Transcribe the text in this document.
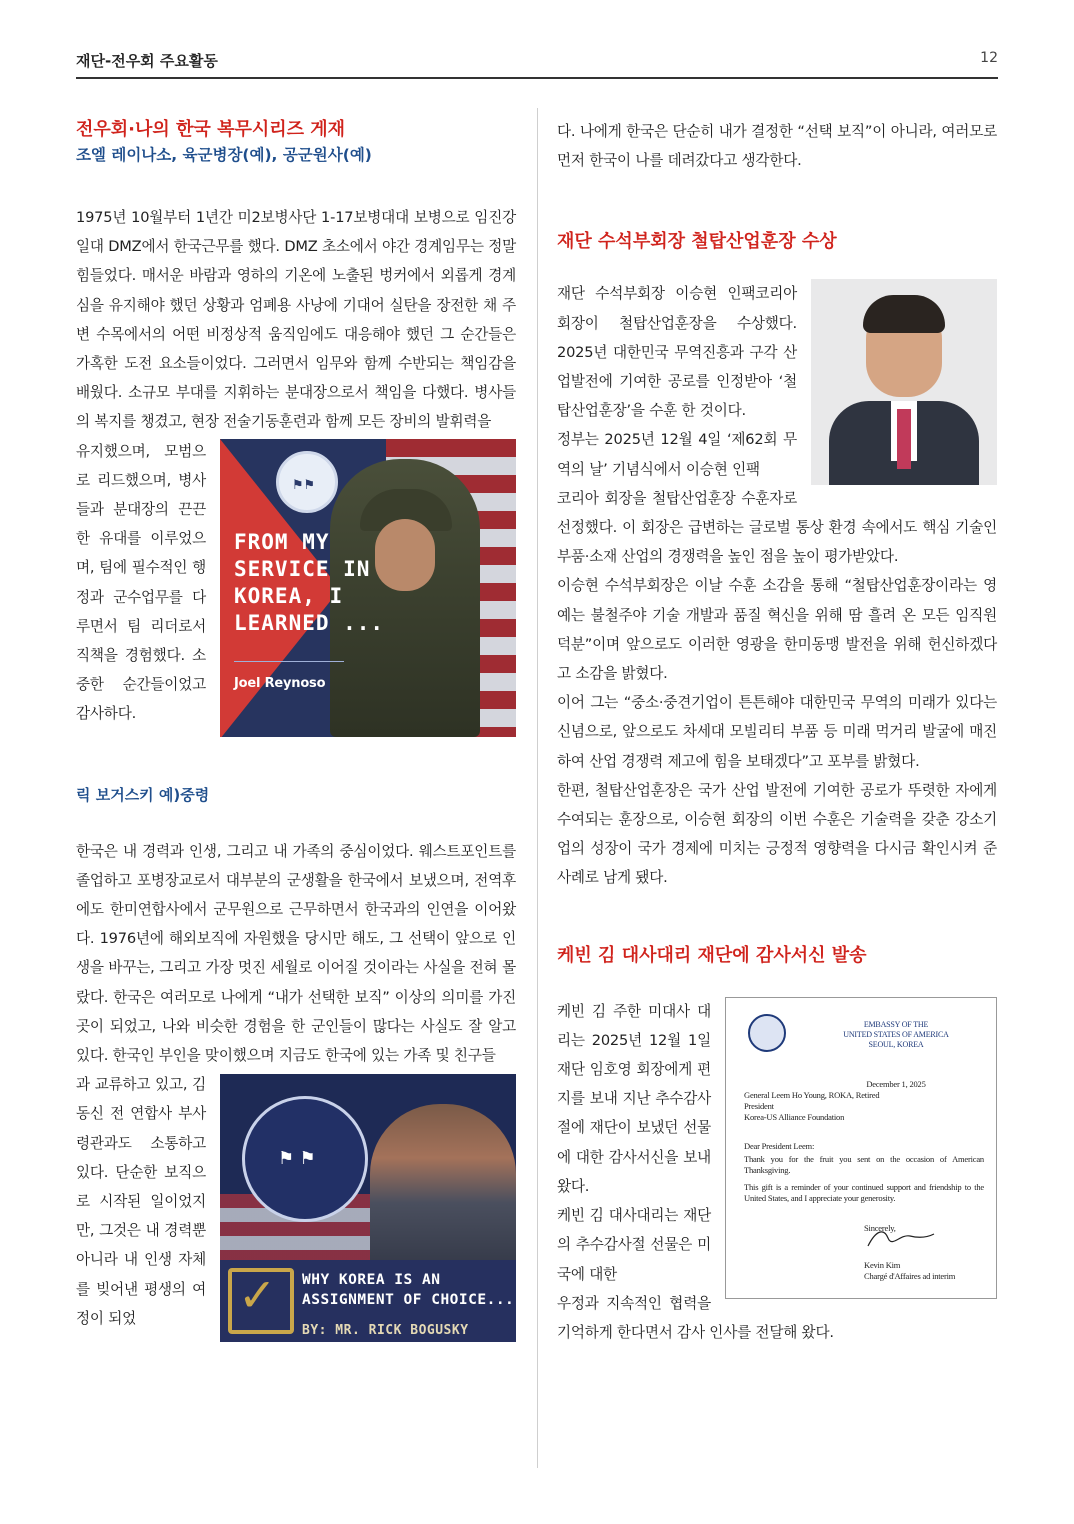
재단-전우회 주요활동	12
전우회·나의 한국 복무시리즈 게재
조엘 레이나소, 육군병장(예), 공군원사(예)

1975년 10월부터 1년간 미2보병사단 1-17보병대대 보병으로 임진강일대 DMZ에서 한국근무를 했다. DMZ 초소에서 야간 경계임무는 정말 힘들었다. 매서운 바람과 영하의 기온에 노출된 벙커에서 외롭게 경계심을 유지해야 했던 상황과 엄폐용 사낭에 기대어 실탄을 장전한 채 주변 수목에서의 어떤 비정상적 움직임에도 대응해야 했던 그 순간들은 가혹한 도전 요소들이었다. 그러면서 임무와 함께 수반되는 책임감을 배웠다. 소규모 부대를 지휘하는 분대장으로서 책임을 다했다. 병사들의 복지를 챙겼고, 현장 전술기동훈련과 함께 모든 장비의 발휘력을

⚑⚑
FROM MY
SERVICE IN
KOREA, I
LEARNED ...
Joel Reynoso

유지했으며, 모범으로 리드했으며, 병사들과 분대장의 끈끈한 유대를 이루었으며, 팀에 필수적인 행정과 군수업무를 다루면서 팀 리더로서 직책을 경험했다. 소중한 순간들이었고 감사하다.

릭 보거스키 예)중령

한국은 내 경력과 인생, 그리고 내 가족의 중심이었다. 웨스트포인트를 졸업하고 포병장교로서 대부분의 군생활을 한국에서 보냈으며, 전역후에도 한미연합사에서 군무원으로 근무하면서 한국과의 인연을 이어왔다. 1976년에 해외보직에 자원했을 당시만 해도, 그 선택이 앞으로 인생을 바꾸는, 그리고 가장 멋진 세월로 이어질 것이라는 사실을 전혀 몰랐다. 한국은 여러모로 나에게 “내가 선택한 보직” 이상의 의미를 가진 곳이 되었고, 나와 비슷한 경험을 한 군인들이 많다는 사실도 잘 알고 있다. 한국인 부인을 맞이했으며 지금도 한국에 있는 가족 및 친구들

⚑ ⚑
✓ WHY KOREA IS AN
ASSIGNMENT OF CHOICE...
BY: MR. RICK BOGUSKY

과 교류하고 있고, 김동신 전 연합사 부사령관과도 소통하고 있다. 단순한 보직으로 시작된 일이었지만, 그것은 내 경력뿐 아니라 내 인생 자체를 빚어낸 평생의 여정이 되었

다. 나에게 한국은 단순히 내가 결정한 “선택 보직”이 아니라, 여러모로 먼저 한국이 나를 데려갔다고 생각한다.

재단 수석부회장 철탑산업훈장 수상

재단 수석부회장 이승현 인팩코리아 회장이 철탑산업훈장을 수상했다. 2025년 대한민국 무역진흥과 구각 산업발전에 기여한 공로를 인정받아 ‘철탑산업훈장’을 수훈 한 것이다.

정부는 2025년 12월 4일 ‘제62회 무역의 날’ 기념식에서 이승현 인팩

코리아 회장을 철탑산업훈장 수훈자로 선정했다. 이 회장은 급변하는 글로벌 통상 환경 속에서도 핵심 기술인 부품·소재 산업의 경쟁력을 높인 점을 높이 평가받았다.

이승현 수석부회장은 이날 수훈 소감을 통해 “철탑산업훈장이라는 영예는 불철주야 기술 개발과 품질 혁신을 위해 땀 흘려 온 모든 임직원 덕분”이며 앞으로도 이러한 영광을 한미동맹 발전을 위해 헌신하겠다고 소감을 밝혔다.

이어 그는 “중소·중견기업이 튼튼해야 대한민국 무역의 미래가 있다는 신념으로, 앞으로도 차세대 모빌리티 부품 등 미래 먹거리 발굴에 매진하여 산업 경쟁력 제고에 힘을 보태겠다”고 포부를 밝혔다.

한편, 철탑산업훈장은 국가 산업 발전에 기여한 공로가 뚜렷한 자에게 수여되는 훈장으로, 이승현 회장의 이번 수훈은 기술력을 갖춘 강소기업의 성장이 국가 경제에 미치는 긍정적 영향력을 다시금 확인시켜 준 사례로 남게 됐다.

케빈 김 대사대리 재단에 감사서신 발송
EMBASSY OF THE
UNITED STATES OF AMERICA
SEOUL, KOREA
December 1, 2025
General Leem Ho Young, ROKA, Retired
President
Korea-US Alliance Foundation
Dear President Leem:
Thank you for the fruit you sent on the occasion of American Thanksgiving.
This gift is a reminder of your continued support and friendship to the United States, and I appreciate your generosity.
Sincerely,
Kevin Kim
Chargé d'Affaires ad interim

케빈 김 주한 미대사 대리는 2025년 12월 1일 재단 임호영 회장에게 편지를 보내 지난 추수감사절에 재단이 보냈던 선물에 대한 감사서신을 보내왔다.

케빈 김 대사대리는 재단의 추수감사절 선물은 미국에 대한

우정과 지속적인 협력을 기억하게 한다면서 감사 인사를 전달해 왔다.
